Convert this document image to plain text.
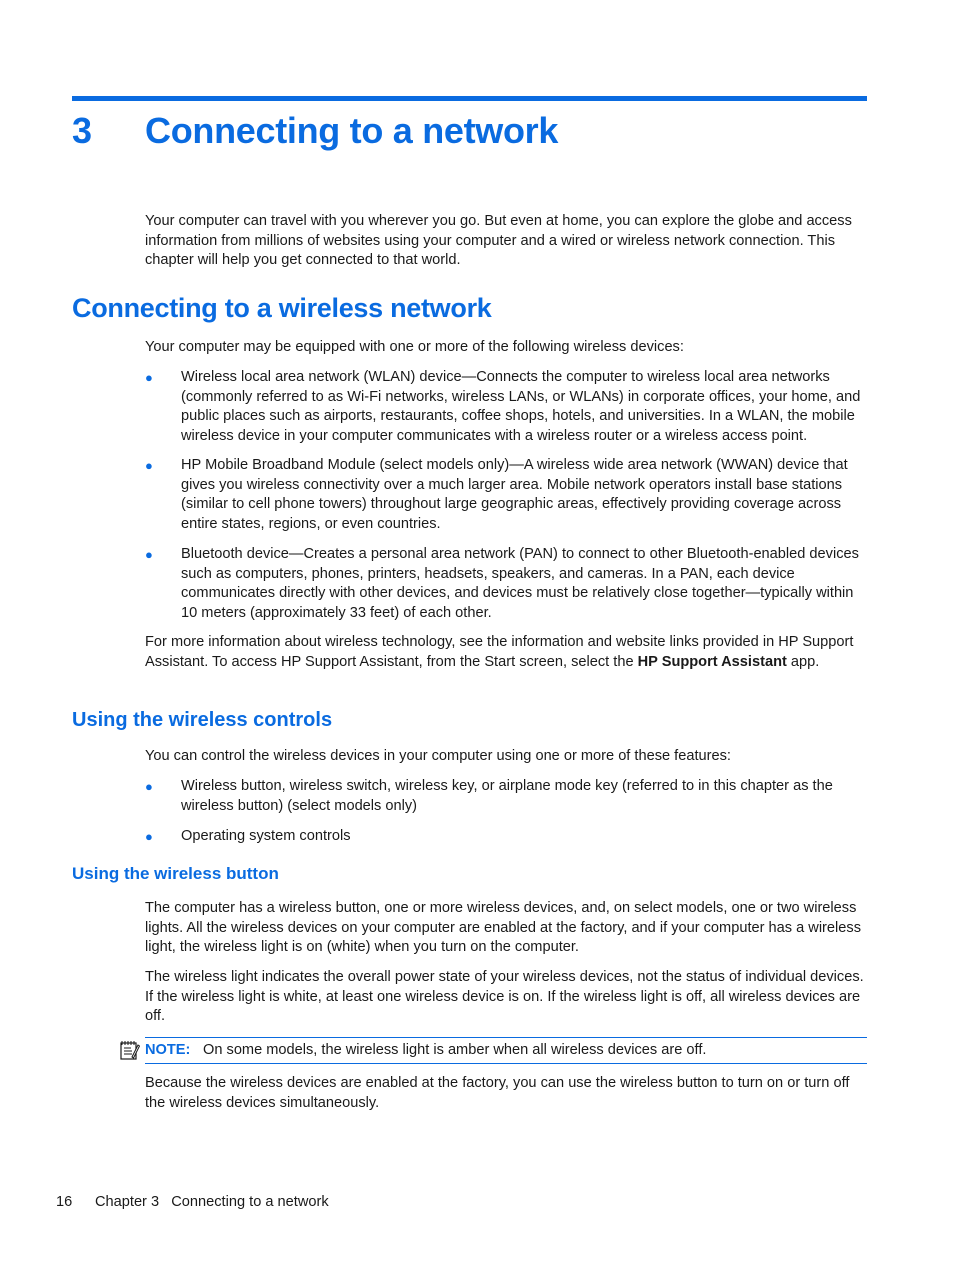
3 Connecting to a network
Your computer can travel with you wherever you go. But even at home, you can explore the globe and access information from millions of websites using your computer and a wired or wireless network connection. This chapter will help you get connected to that world.
Connecting to a wireless network
Your computer may be equipped with one or more of the following wireless devices:
● Wireless local area network (WLAN) device—Connects the computer to wireless local area networks (commonly referred to as Wi-Fi networks, wireless LANs, or WLANs) in corporate offices, your home, and public places such as airports, restaurants, coffee shops, hotels, and universities. In a WLAN, the mobile wireless device in your computer communicates with a wireless router or a wireless access point.
● HP Mobile Broadband Module (select models only)—A wireless wide area network (WWAN) device that gives you wireless connectivity over a much larger area. Mobile network operators install base stations (similar to cell phone towers) throughout large geographic areas, effectively providing coverage across entire states, regions, or even countries.
● Bluetooth device—Creates a personal area network (PAN) to connect to other Bluetooth-enabled devices such as computers, phones, printers, headsets, speakers, and cameras. In a PAN, each device communicates directly with other devices, and devices must be relatively close together—typically within 10 meters (approximately 33 feet) of each other.
For more information about wireless technology, see the information and website links provided in HP Support Assistant. To access HP Support Assistant, from the Start screen, select the HP Support Assistant app.
Using the wireless controls
You can control the wireless devices in your computer using one or more of these features:
● Wireless button, wireless switch, wireless key, or airplane mode key (referred to in this chapter as the wireless button) (select models only)
● Operating system controls
Using the wireless button
The computer has a wireless button, one or more wireless devices, and, on select models, one or two wireless lights. All the wireless devices on your computer are enabled at the factory, and if your computer has a wireless light, the wireless light is on (white) when you turn on the computer.
The wireless light indicates the overall power state of your wireless devices, not the status of individual devices. If the wireless light is white, at least one wireless device is on. If the wireless light is off, all wireless devices are off.
NOTE: On some models, the wireless light is amber when all wireless devices are off.
Because the wireless devices are enabled at the factory, you can use the wireless button to turn on or turn off the wireless devices simultaneously.
16 Chapter 3   Connecting to a network
